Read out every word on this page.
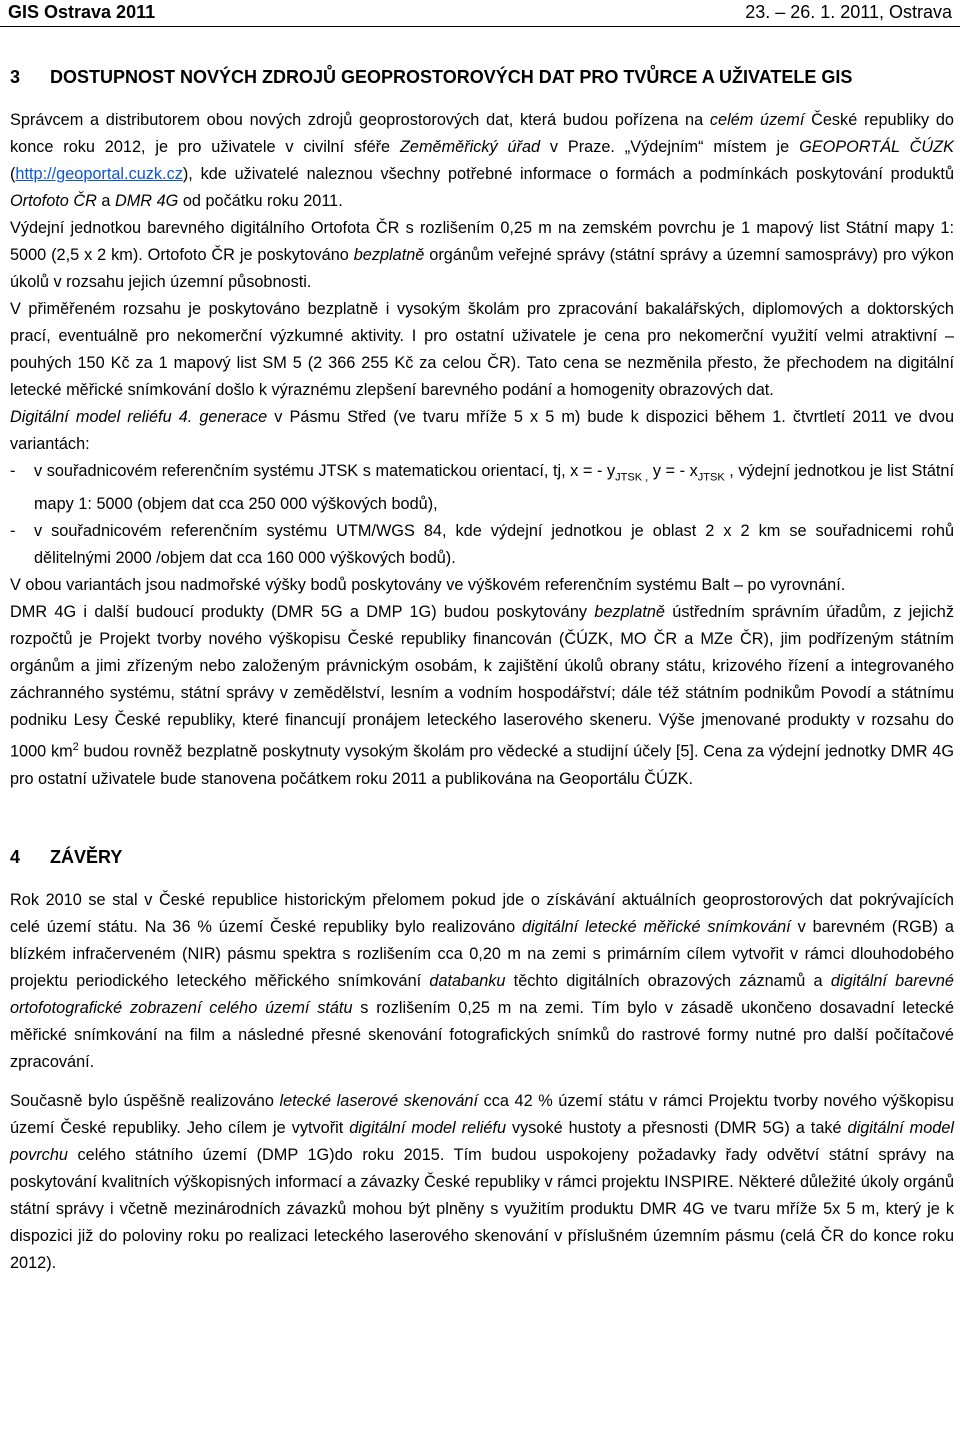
GIS Ostrava 2011	23. – 26. 1. 2011, Ostrava
3 DOSTUPNOST NOVÝCH ZDROJŮ GEOPROSTOROVÝCH DAT PRO TVŮRCE A UŽIVATELE GIS

Správcem a distributorem obou nových zdrojů geoprostorových dat, která budou pořízena na celém území České republiky do konce roku 2012, je pro uživatele v civilní sféře Zeměměřický úřad v Praze. „Výdejním“ místem je GEOPORTÁL ČÚZK (http://geoportal.cuzk.cz), kde uživatelé naleznou všechny potřebné informace o formách a podmínkách poskytování produktů Ortofoto ČR a DMR 4G od počátku roku 2011.

Výdejní jednotkou barevného digitálního Ortofota ČR s rozlišením 0,25 m na zemském povrchu je 1 mapový list Státní mapy 1: 5000 (2,5 x 2 km). Ortofoto ČR je poskytováno bezplatně orgánům veřejné správy (státní správy a územní samosprávy) pro výkon úkolů v rozsahu jejich územní působnosti.

V přiměřeném rozsahu je poskytováno bezplatně i vysokým školám pro zpracování bakalářských, diplomových a doktorských prací, eventuálně pro nekomerční výzkumné aktivity. I pro ostatní uživatele je cena pro nekomerční využití velmi atraktivní – pouhých 150 Kč za 1 mapový list SM 5 (2 366 255 Kč za celou ČR). Tato cena se nezměnila přesto, že přechodem na digitální letecké měřické snímkování došlo k výraznému zlepšení barevného podání a homogenity obrazových dat.

Digitální model reliéfu 4. generace v Pásmu Střed (ve tvaru mříže 5 x 5 m) bude k dispozici během 1. čtvrtletí 2011 ve dvou variantách:

- v souřadnicovém referenčním systému JTSK s matematickou orientací, tj, x = - $y_{JTSK ,}$ y = - $x_{JTSK}$ , výdejní jednotkou je list Státní mapy 1: 5000 (objem dat cca 250 000 výškových bodů),
- v souřadnicovém referenčním systému UTM/WGS 84, kde výdejní jednotkou je oblast 2 x 2 km se souřadnicemi rohů dělitelnými 2000 /objem dat cca 160 000 výškových bodů).

V obou variantách jsou nadmořské výšky bodů poskytovány ve výškovém referenčním systému Balt – po vyrovnání.

DMR 4G i další budoucí produkty (DMR 5G a DMP 1G) budou poskytovány bezplatně ústředním správním úřadům, z jejichž rozpočtů je Projekt tvorby nového výškopisu České republiky financován (ČÚZK, MO ČR a MZe ČR), jim podřízeným státním orgánům a jimi zřízeným nebo založeným právnickým osobám, k zajištění úkolů obrany státu, krizového řízení a integrovaného záchranného systému, státní správy v zemědělství, lesním a vodním hospodářství; dále též státním podnikům Povodí a státnímu podniku Lesy České republiky, které financují pronájem leteckého laserového skeneru. Výše jmenované produkty v rozsahu do 1000 $km^2$ budou rovněž bezplatně poskytnuty vysokým školám pro vědecké a studijní účely [5]. Cena za výdejní jednotky DMR 4G pro ostatní uživatele bude stanovena počátkem roku 2011 a publikována na Geoportálu ČÚZK.

4 ZÁVĚRY

Rok 2010 se stal v České republice historickým přelomem pokud jde o získávání aktuálních geoprostorových dat pokrývajících celé území státu. Na 36 % území České republiky bylo realizováno digitální letecké měřické snímkování v barevném (RGB) a blízkém infračerveném (NIR) pásmu spektra s rozlišením cca 0,20 m na zemi s primárním cílem vytvořit v rámci dlouhodobého projektu periodického leteckého měřického snímkování databanku těchto digitálních obrazových záznamů a digitální barevné ortofotografické zobrazení celého území státu s rozlišením 0,25 m na zemi. Tím bylo v zásadě ukončeno dosavadní letecké měřické snímkování na film a následné přesné skenování fotografických snímků do rastrové formy nutné pro další počítačové zpracování.

Současně bylo úspěšně realizováno letecké laserové skenování cca 42 % území státu v rámci Projektu tvorby nového výškopisu území České republiky. Jeho cílem je vytvořit digitální model reliéfu vysoké hustoty a přesnosti (DMR 5G) a také digitální model povrchu celého státního území (DMP 1G)do roku 2015. Tím budou uspokojeny požadavky řady odvětví státní správy na poskytování kvalitních výškopisných informací a závazky České republiky v rámci projektu INSPIRE. Některé důležité úkoly orgánů státní správy i včetně mezinárodních závazků mohou být plněny s využitím produktu DMR 4G ve tvaru mříže 5x 5 m, který je k dispozici již do poloviny roku po realizaci leteckého laserového skenování v příslušném územním pásmu (celá ČR do konce roku 2012).
